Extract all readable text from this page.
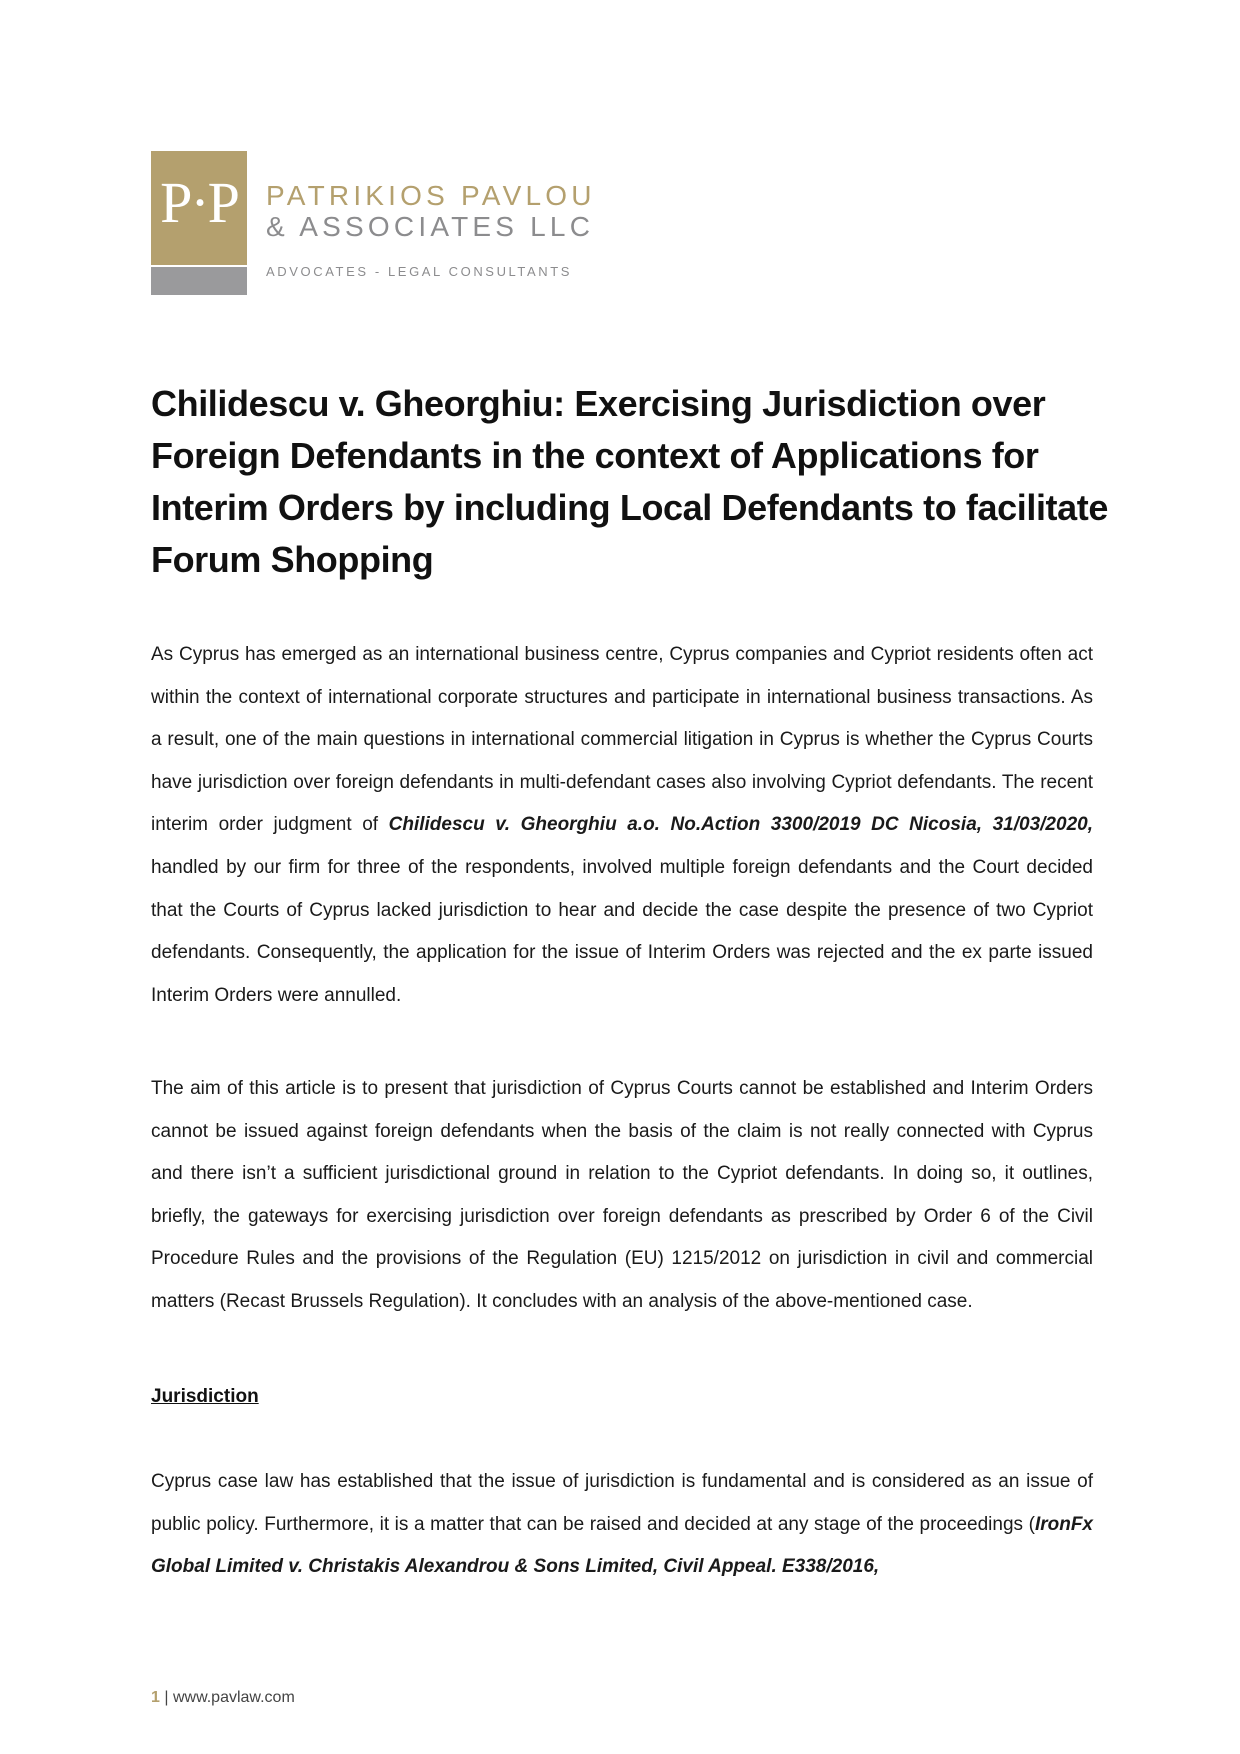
P·P	PATRIKIOS PAVLOU
& ASSOCIATES LLC
ADVOCATES - LEGAL CONSULTANTS
Chilidescu v. Gheorghiu: Exercising Jurisdiction over Foreign Defendants in the context of Applications for Interim Orders by including Local Defendants to facilitate Forum Shopping

As Cyprus has emerged as an international business centre, Cyprus companies and Cypriot residents often act within the context of international corporate structures and participate in international business transactions. As a result, one of the main questions in international commercial litigation in Cyprus is whether the Cyprus Courts have jurisdiction over foreign defendants in multi-defendant cases also involving Cypriot defendants. The recent interim order judgment of Chilidescu v. Gheorghiu a.o. No.Action 3300/2019 DC Nicosia, 31/03/2020, handled by our firm for three of the respondents, involved multiple foreign defendants and the Court decided that the Courts of Cyprus lacked jurisdiction to hear and decide the case despite the presence of two Cypriot defendants. Consequently, the application for the issue of Interim Orders was rejected and the ex parte issued Interim Orders were annulled.

The aim of this article is to present that jurisdiction of Cyprus Courts cannot be established and Interim Orders cannot be issued against foreign defendants when the basis of the claim is not really connected with Cyprus and there isn’t a sufficient jurisdictional ground in relation to the Cypriot defendants. In doing so, it outlines, briefly, the gateways for exercising jurisdiction over foreign defendants as prescribed by Order 6 of the Civil Procedure Rules and the provisions of the Regulation (EU) 1215/2012 on jurisdiction in civil and commercial matters (Recast Brussels Regulation). It concludes with an analysis of the above-mentioned case.

Jurisdiction

Cyprus case law has established that the issue of jurisdiction is fundamental and is considered as an issue of public policy. Furthermore, it is a matter that can be raised and decided at any stage of the proceedings (IronFx Global Limited v. Christakis Alexandrou & Sons Limited, Civil Appeal. E338/2016,

1 | www.pavlaw.com
